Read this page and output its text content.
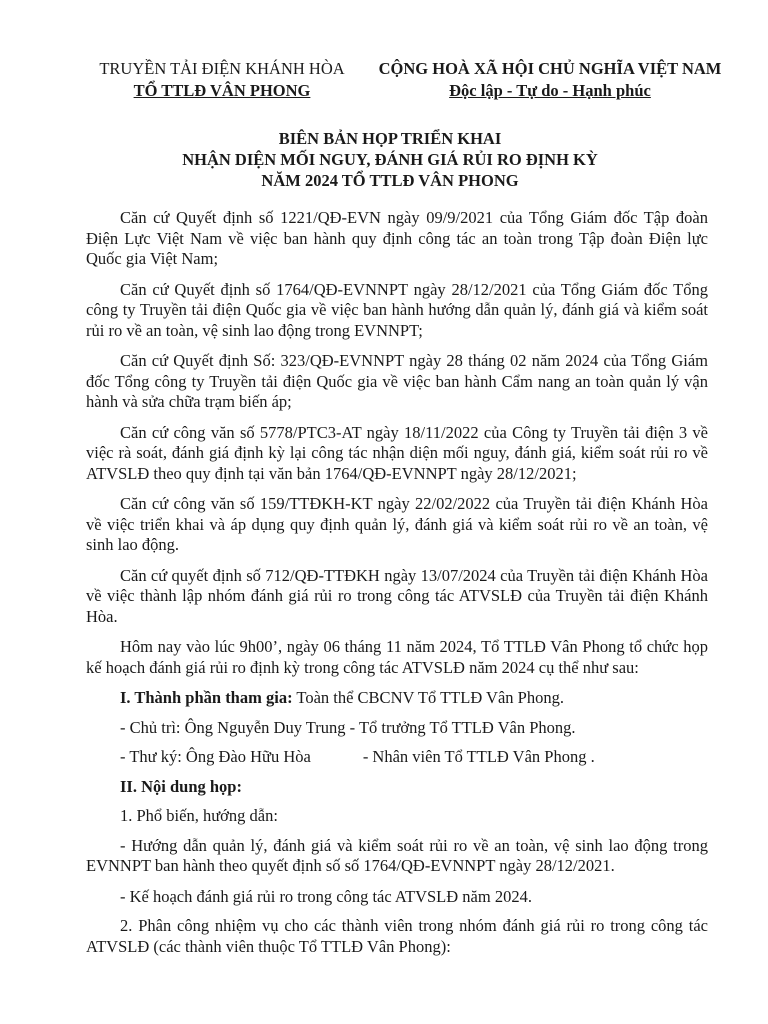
TRUYỀN TẢI ĐIỆN KHÁNH HÒA
TỔ TTLĐ VÂN PHONG
CỘNG HOÀ XÃ HỘI CHỦ NGHĨA VIỆT NAM
Độc lập - Tự do - Hạnh phúc
BIÊN BẢN HỌP TRIỂN KHAI
NHẬN DIỆN MỐI NGUY, ĐÁNH GIÁ RỦI RO ĐỊNH KỲ
NĂM 2024 TỔ TTLĐ VÂN PHONG

Căn cứ Quyết định số 1221/QĐ-EVN ngày 09/9/2021 của Tổng Giám đốc Tập đoàn Điện Lực Việt Nam về việc ban hành quy định công tác an toàn trong Tập đoàn Điện lực Quốc gia Việt Nam;

Căn cứ Quyết định số 1764/QĐ-EVNNPT ngày 28/12/2021 của Tổng Giám đốc Tổng công ty Truyền tải điện Quốc gia về việc ban hành hướng dẫn quản lý, đánh giá và kiểm soát rủi ro về an toàn, vệ sinh lao động trong EVNNPT;

Căn cứ Quyết định Số: 323/QĐ-EVNNPT ngày 28 tháng 02 năm 2024 của Tổng Giám đốc Tổng công ty Truyền tải điện Quốc gia về việc ban hành Cẩm nang an toàn quản lý vận hành và sửa chữa trạm biến áp;

Căn cứ công văn số 5778/PTC3-AT ngày 18/11/2022 của Công ty Truyền tải điện 3 về việc rà soát, đánh giá định kỳ lại công tác nhận diện mối nguy, đánh giá, kiểm soát rủi ro về ATVSLĐ theo quy định tại văn bản 1764/QĐ-EVNNPT ngày 28/12/2021;

Căn cứ công văn số 159/TTĐKH-KT ngày 22/02/2022 của Truyền tải điện Khánh Hòa về việc triển khai và áp dụng quy định quản lý, đánh giá và kiểm soát rủi ro về an toàn, vệ sinh lao động.

Căn cứ quyết định số 712/QĐ-TTĐKH ngày 13/07/2024 của Truyền tải điện Khánh Hòa về việc thành lập nhóm đánh giá rủi ro trong công tác ATVSLĐ của Truyền tải điện Khánh Hòa.

Hôm nay vào lúc 9h00’, ngày 06 tháng 11 năm 2024, Tổ TTLĐ Vân Phong tổ chức họp kế hoạch đánh giá rủi ro định kỳ trong công tác ATVSLĐ năm 2024 cụ thể như sau:

I. Thành phần tham gia: Toàn thể CBCNV Tổ TTLĐ Vân Phong.
- Chủ trì: Ông Nguyễn Duy Trung - Tổ trưởng Tổ TTLĐ Vân Phong.
- Thư ký: Ông Đào Hữu Hòa	- Nhân viên Tổ TTLĐ Vân Phong .
II. Nội dung họp:
1. Phổ biến, hướng dẫn:

- Hướng dẫn quản lý, đánh giá và kiểm soát rủi ro về an toàn, vệ sinh lao động trong EVNNPT ban hành theo quyết định số số 1764/QĐ-EVNNPT ngày 28/12/2021.

- Kế hoạch đánh giá rủi ro trong công tác ATVSLĐ năm 2024.

2. Phân công nhiệm vụ cho các thành viên trong nhóm đánh giá rủi ro trong công tác ATVSLĐ (các thành viên thuộc Tổ TTLĐ Vân Phong):
